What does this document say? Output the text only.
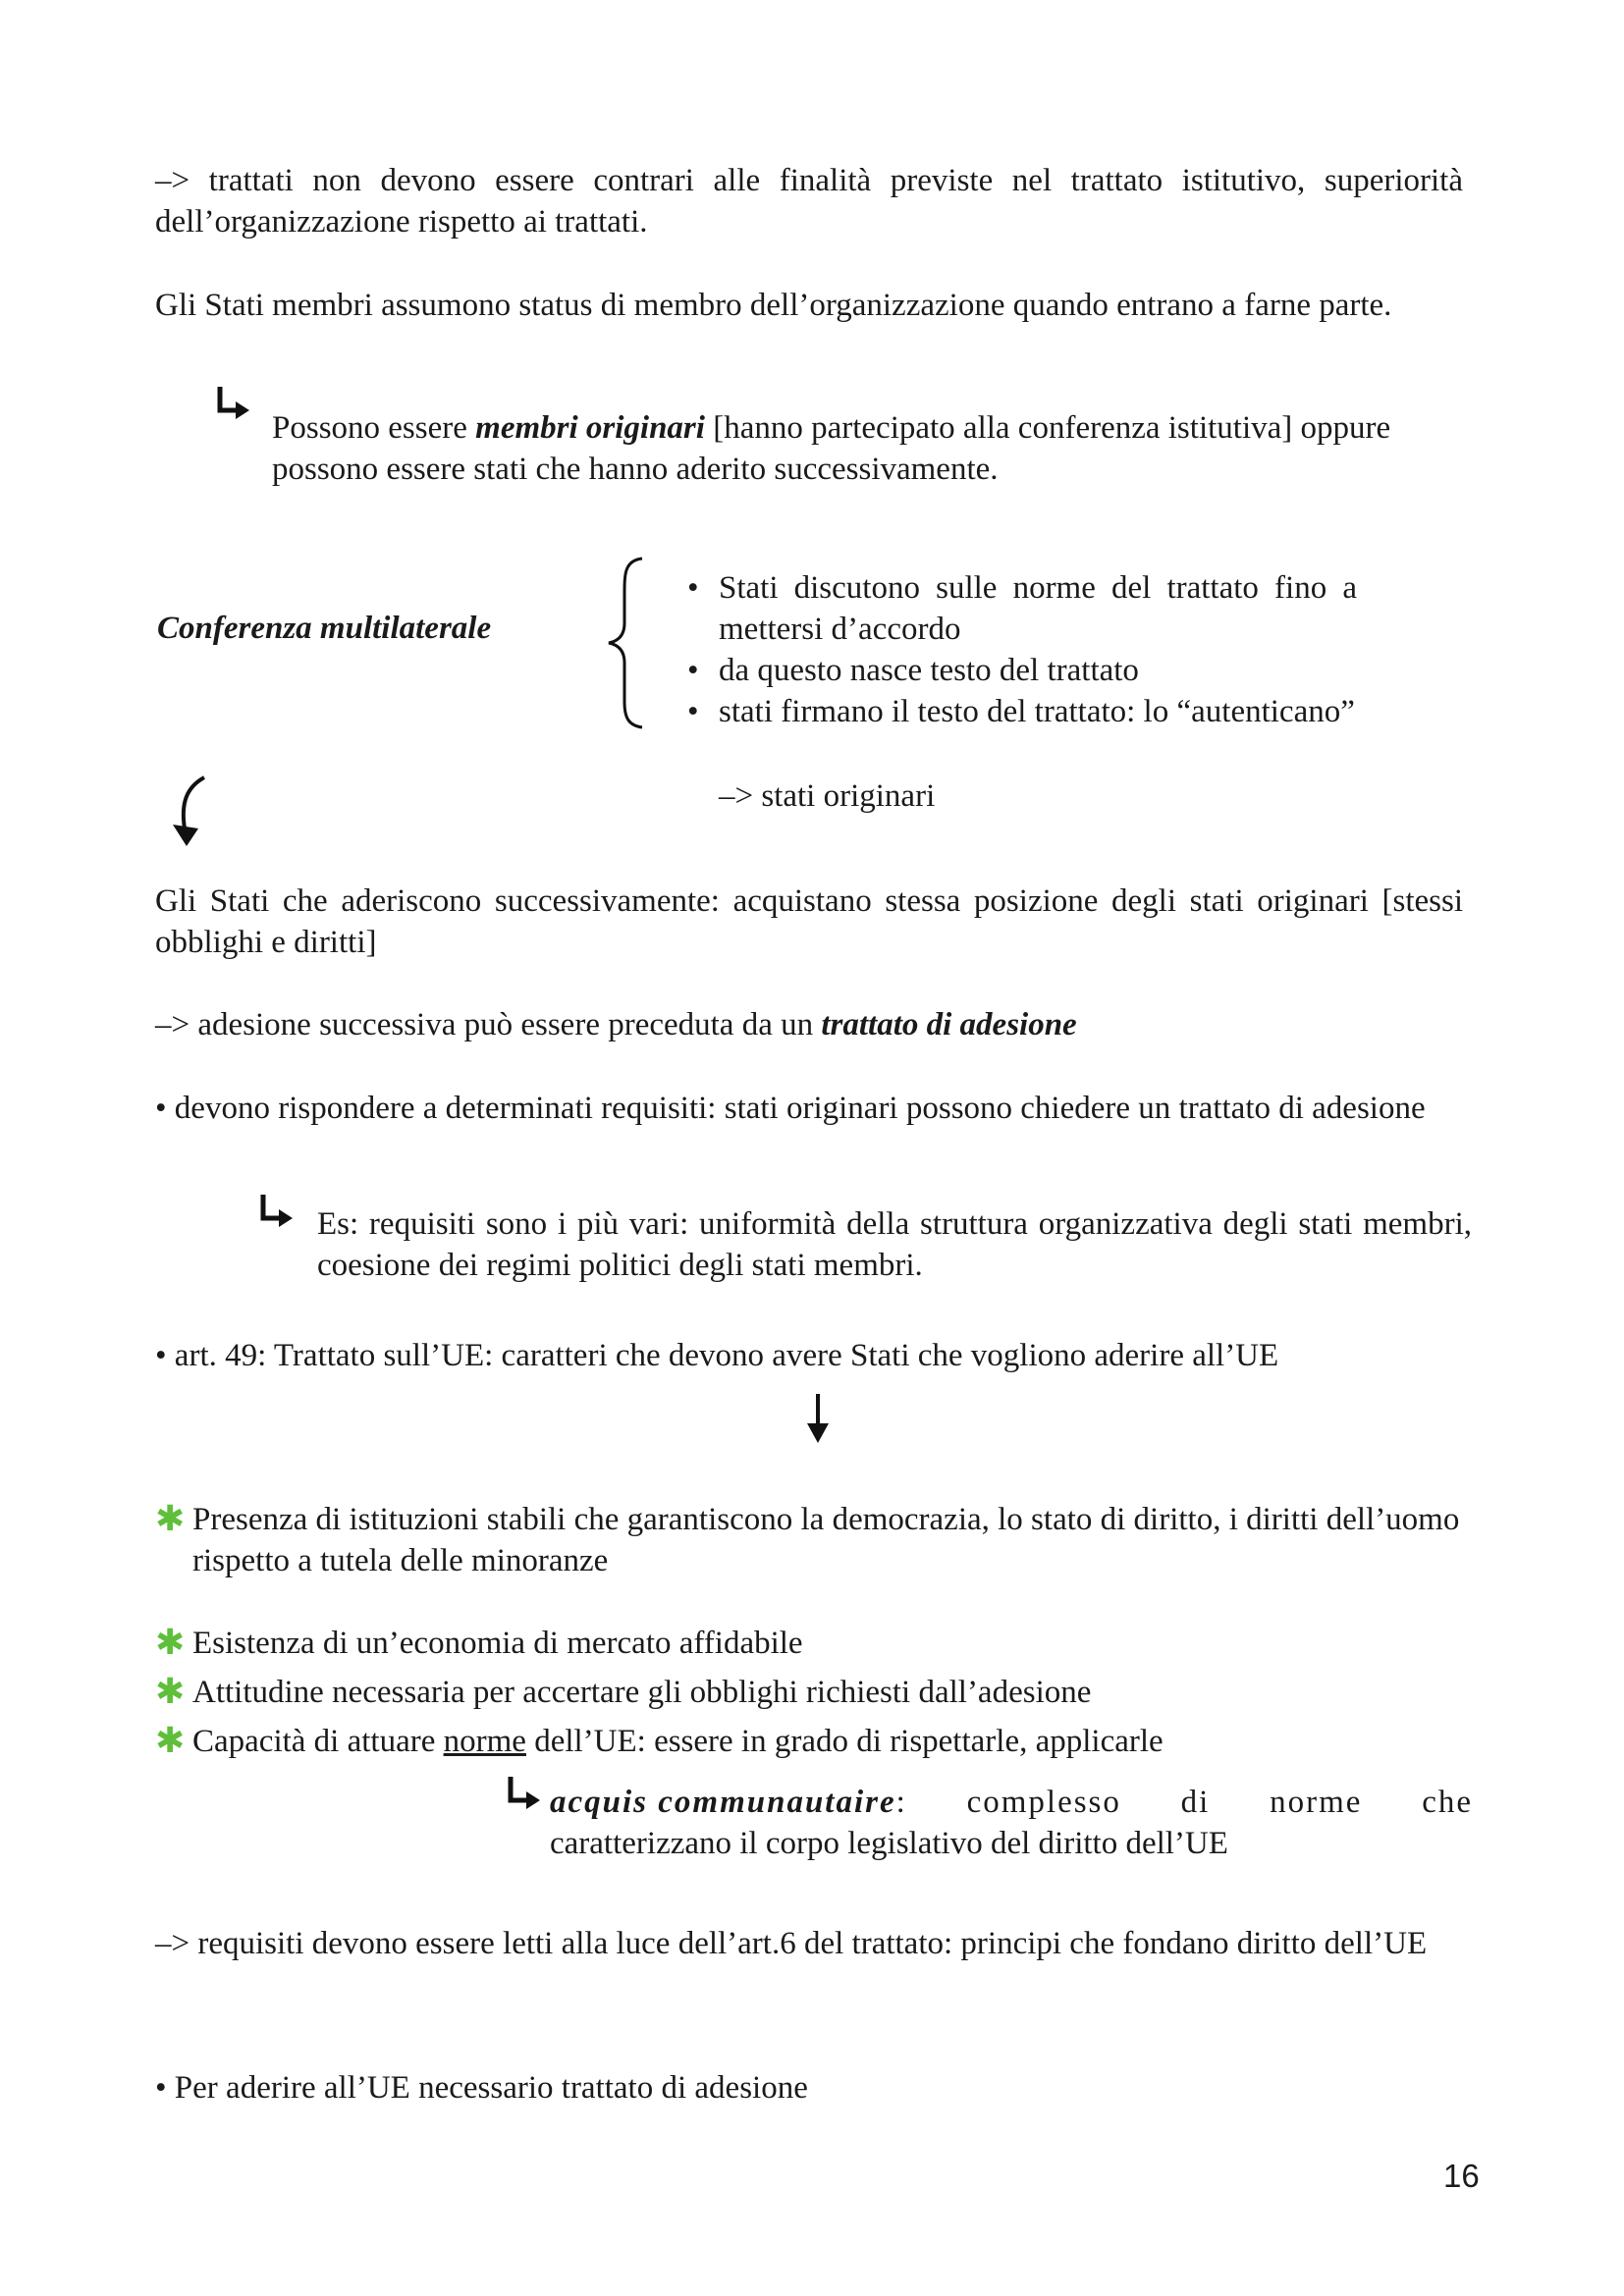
–> trattati non devono essere contrari alle finalità previste nel trattato istitutivo, superiorità dell’organizzazione rispetto ai trattati.
Gli Stati membri assumono status di membro dell’organizzazione quando entrano a farne parte.
Possono essere membri originari [hanno partecipato alla conferenza istitutiva] oppure possono essere stati che hanno aderito successivamente.
Conferenza multilaterale
• Stati discutono sulle norme del trattato fino a mettersi d’accordo
• da questo nasce testo del trattato
• stati firmano il testo del trattato: lo “autenticano”
–> stati originari
Gli Stati che aderiscono successivamente: acquistano stessa posizione degli stati originari [stessi obblighi e diritti]
–> adesione successiva può essere preceduta da un trattato di adesione
• devono rispondere a determinati requisiti: stati originari possono chiedere un trattato di adesione
Es: requisiti sono i più vari: uniformità della struttura organizzativa degli stati membri, coesione dei regimi politici degli stati membri.
• art. 49: Trattato sull’UE: caratteri che devono avere Stati che vogliono aderire all’UE
✱ Presenza di istituzioni stabili che garantiscono la democrazia, lo stato di diritto, i diritti dell’uomo rispetto a tutela delle minoranze
✱ Esistenza di un’economia di mercato affidabile
✱ Attitudine necessaria per accertare gli obblighi richiesti dall’adesione
✱ Capacità di attuare norme dell’UE: essere in grado di rispettarle, applicarle
acquis communautaire : complesso di norme che
caratterizzano il corpo legislativo del diritto dell’UE
–> requisiti devono essere letti alla luce dell’art.6 del trattato: principi che fondano diritto dell’UE
• Per aderire all’UE necessario trattato di adesione
16
